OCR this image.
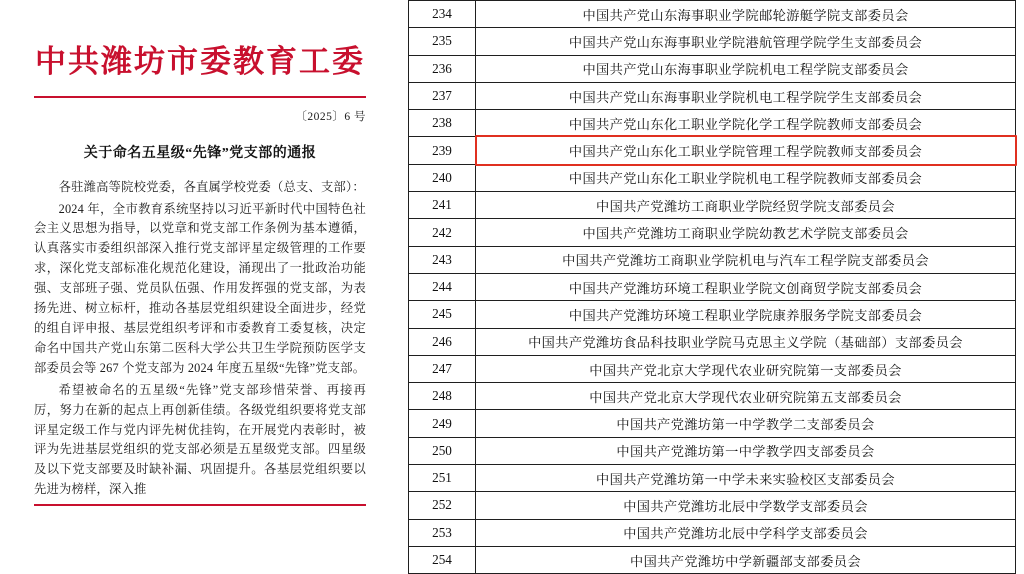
中共潍坊市委教育工委
〔2025〕6 号
关于命名五星级“先锋”党支部的通报

各驻潍高等院校党委，各直属学校党委（总支、支部）：

2024 年，全市教育系统坚持以习近平新时代中国特色社会主义思想为指导，以党章和党支部工作条例为基本遵循，认真落实市委组织部深入推行党支部评星定级管理的工作要求，深化党支部标准化规范化建设，涌现出了一批政治功能强、支部班子强、党员队伍强、作用发挥强的党支部，为表扬先进、树立标杆，推动各基层党组织建设全面进步，经党的组自评申报、基层党组织考评和市委教育工委复核，决定命名中国共产党山东第二医科大学公共卫生学院预防医学支部委员会等 267 个党支部为 2024 年度五星级“先锋”党支部。

希望被命名的五星级“先锋”党支部珍惜荣誉、再接再厉，努力在新的起点上再创新佳绩。各级党组织要将党支部评星定级工作与党内评先树优挂钩，在开展党内表彰时，被评为先进基层党组织的党支部必须是五星级党支部。四星级及以下党支部要及时缺补漏、巩固提升。各基层党组织要以先进为榜样，深入推

234	中国共产党山东海事职业学院邮轮游艇学院支部委员会
235	中国共产党山东海事职业学院港航管理学院学生支部委员会
236	中国共产党山东海事职业学院机电工程学院支部委员会
237	中国共产党山东海事职业学院机电工程学院学生支部委员会
238	中国共产党山东化工职业学院化学工程学院教师支部委员会
239	中国共产党山东化工职业学院管理工程学院教师支部委员会
240	中国共产党山东化工职业学院机电工程学院教师支部委员会
241	中国共产党潍坊工商职业学院经贸学院支部委员会
242	中国共产党潍坊工商职业学院幼教艺术学院支部委员会
243	中国共产党潍坊工商职业学院机电与汽车工程学院支部委员会
244	中国共产党潍坊环境工程职业学院文创商贸学院支部委员会
245	中国共产党潍坊环境工程职业学院康养服务学院支部委员会
246	中国共产党潍坊食品科技职业学院马克思主义学院（基础部）支部委员会
247	中国共产党北京大学现代农业研究院第一支部委员会
248	中国共产党北京大学现代农业研究院第五支部委员会
249	中国共产党潍坊第一中学教学二支部委员会
250	中国共产党潍坊第一中学教学四支部委员会
251	中国共产党潍坊第一中学未来实验校区支部委员会
252	中国共产党潍坊北辰中学数学支部委员会
253	中国共产党潍坊北辰中学科学支部委员会
254	中国共产党潍坊中学新疆部支部委员会
